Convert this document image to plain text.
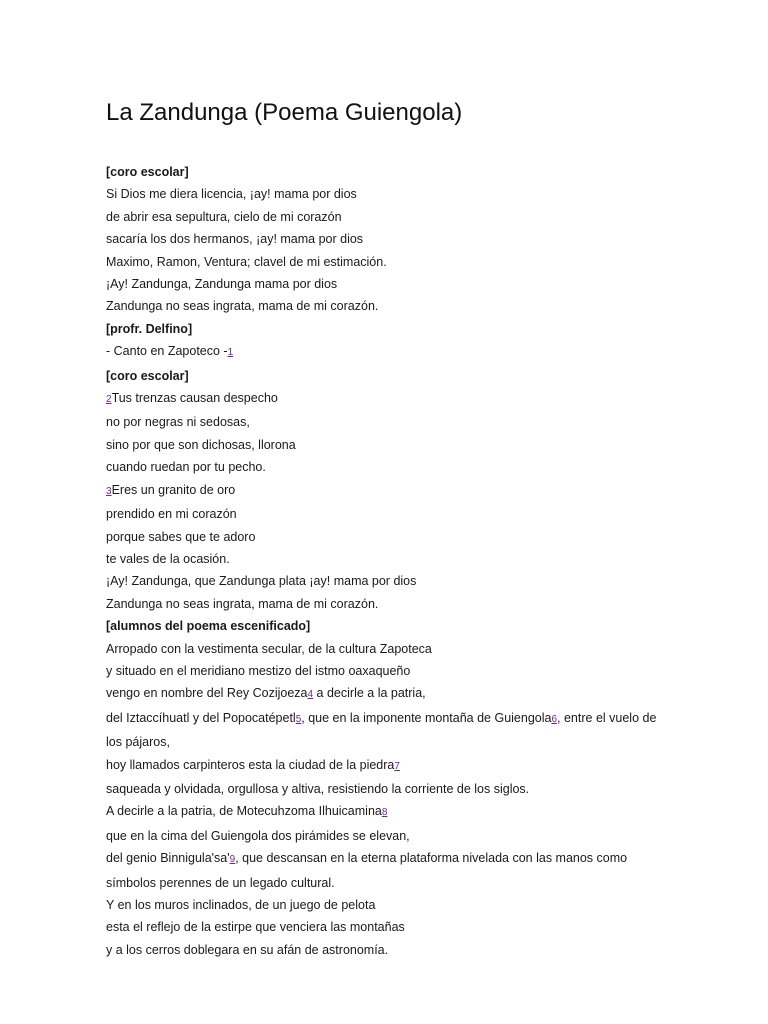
La Zandunga (Poema Guiengola)

[coro escolar]

Si Dios me diera licencia, ¡ay! mama por dios

de abrir esa sepultura, cielo de mi corazón

sacaría los dos hermanos, ¡ay! mama por dios

Maximo, Ramon, Ventura; clavel de mi estimación.

¡Ay! Zandunga, Zandunga mama por dios

Zandunga no seas ingrata, mama de mi corazón.

[profr. Delfino]

- Canto en Zapoteco -1

[coro escolar]

2Tus trenzas causan despecho

no por negras ni sedosas,

sino por que son dichosas, llorona

cuando ruedan por tu pecho.

3Eres un granito de oro

prendido en mi corazón

porque sabes que te adoro

te vales de la ocasión.

¡Ay! Zandunga, que Zandunga plata ¡ay! mama por dios

Zandunga no seas ingrata, mama de mi corazón.

[alumnos del poema escenificado]

Arropado con la vestimenta secular, de la cultura Zapoteca

y situado en el meridiano mestizo del istmo oaxaqueño

vengo en nombre del Rey Cozijoeza4 a decirle a la patria,

del Iztaccíhuatl y del Popocatépetl5, que en la imponente montaña de Guiengola6, entre el vuelo de los pájaros,

hoy llamados carpinteros esta la ciudad de la piedra7

saqueada y olvidada, orgullosa y altiva, resistiendo la corriente de los siglos.

A decirle a la patria, de Motecuhzoma Ilhuicamina8

que en la cima del Guiengola dos pirámides se elevan,

del genio Binnigula'sa'9, que descansan en la eterna plataforma nivelada con las manos como símbolos perennes de un legado cultural.

Y en los muros inclinados, de un juego de pelota

esta el reflejo de la estirpe que venciera las montañas

y a los cerros doblegara en su afán de astronomía.
